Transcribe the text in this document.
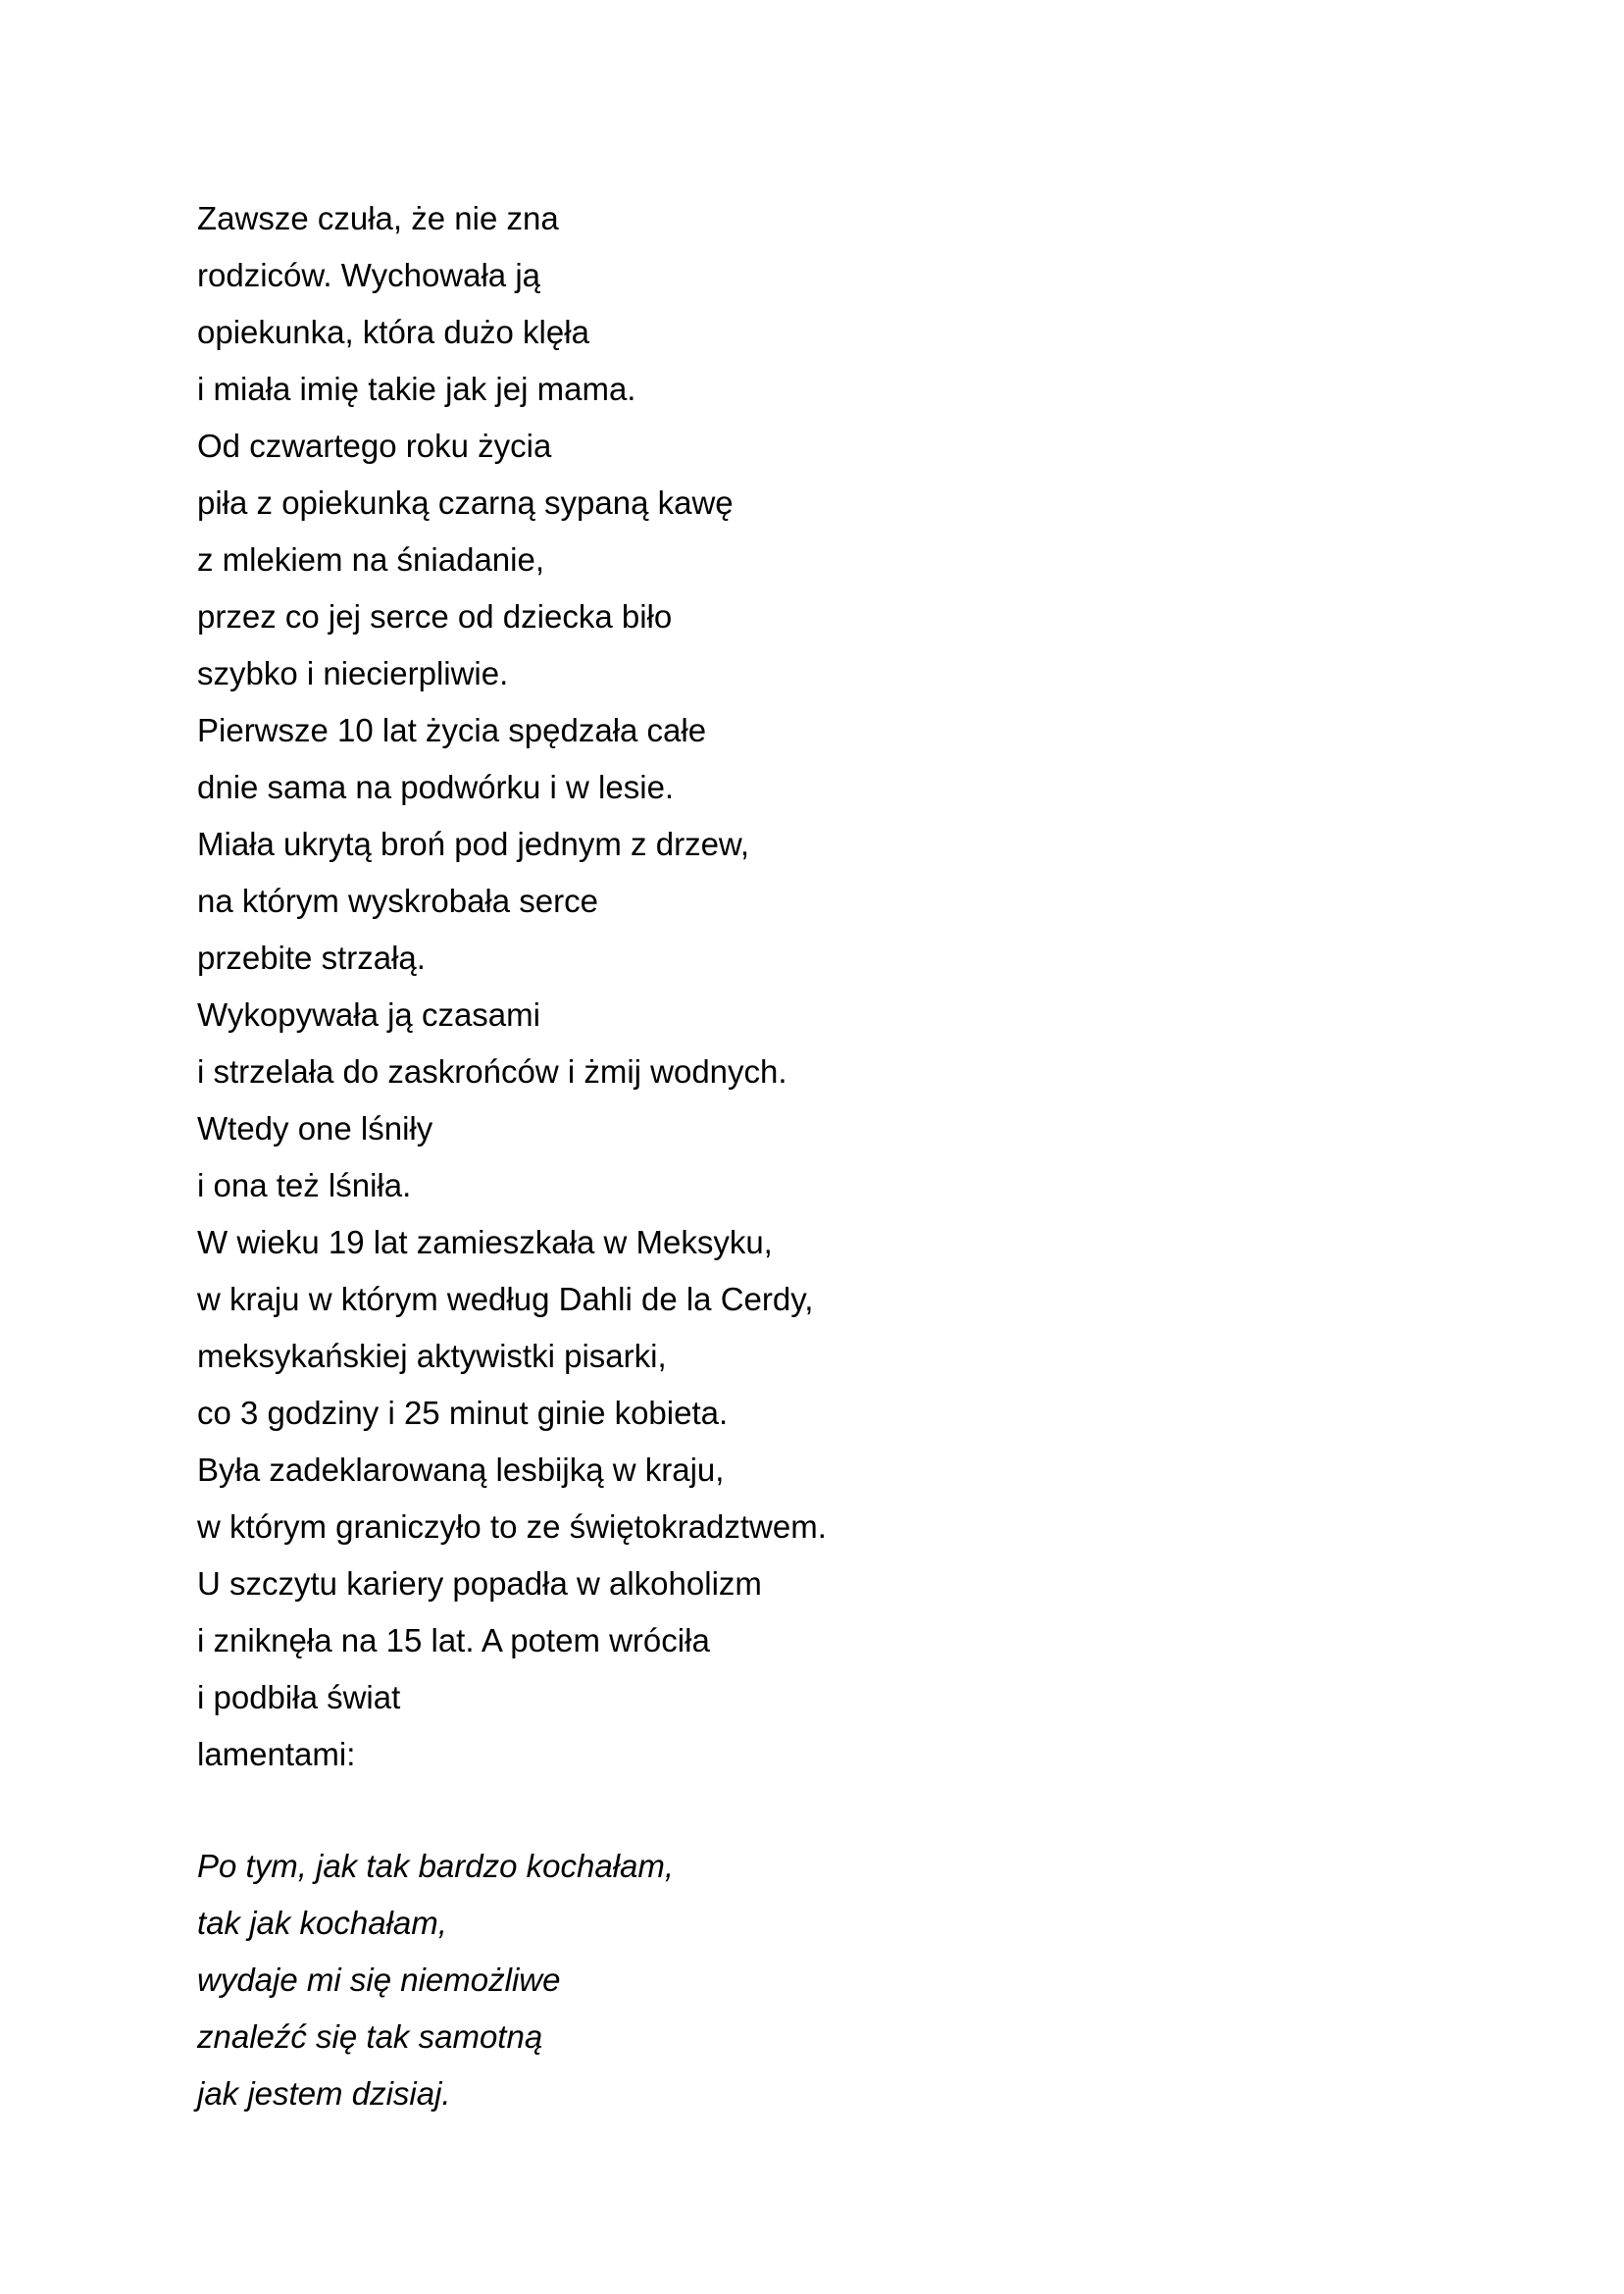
Zawsze czuła, że nie zna
rodziców. Wychowała ją
opiekunka, która dużo klęła
i miała imię takie jak jej mama.
Od czwartego roku życia
piła z opiekunką czarną sypaną kawę
z mlekiem na śniadanie,
przez co jej serce od dziecka biło
szybko i niecierpliwie.
Pierwsze 10 lat życia spędzała całe
dnie sama na podwórku i w lesie.
Miała ukrytą broń pod jednym z drzew,
na którym wyskrobała serce
przebite strzałą.
Wykopywała ją czasami
i strzelała do zaskrońców i żmij wodnych.
Wtedy one lśniły
i ona też lśniła.
W wieku 19 lat zamieszkała w Meksyku,
w kraju w którym według Dahli de la Cerdy,
meksykańskiej aktywistki pisarki,
co 3 godziny i 25 minut ginie kobieta.
Była zadeklarowaną lesbijką w kraju,
w którym graniczyło to ze świętokradztwem.
U szczytu kariery popadła w alkoholizm
i zniknęła na 15 lat. A potem wróciła
i podbiła świat
lamentami:
Po tym, jak tak bardzo kochałam,
tak jak kochałam,
wydaje mi się niemożliwe
znaleźć się tak samotną
jak jestem dzisiaj.
